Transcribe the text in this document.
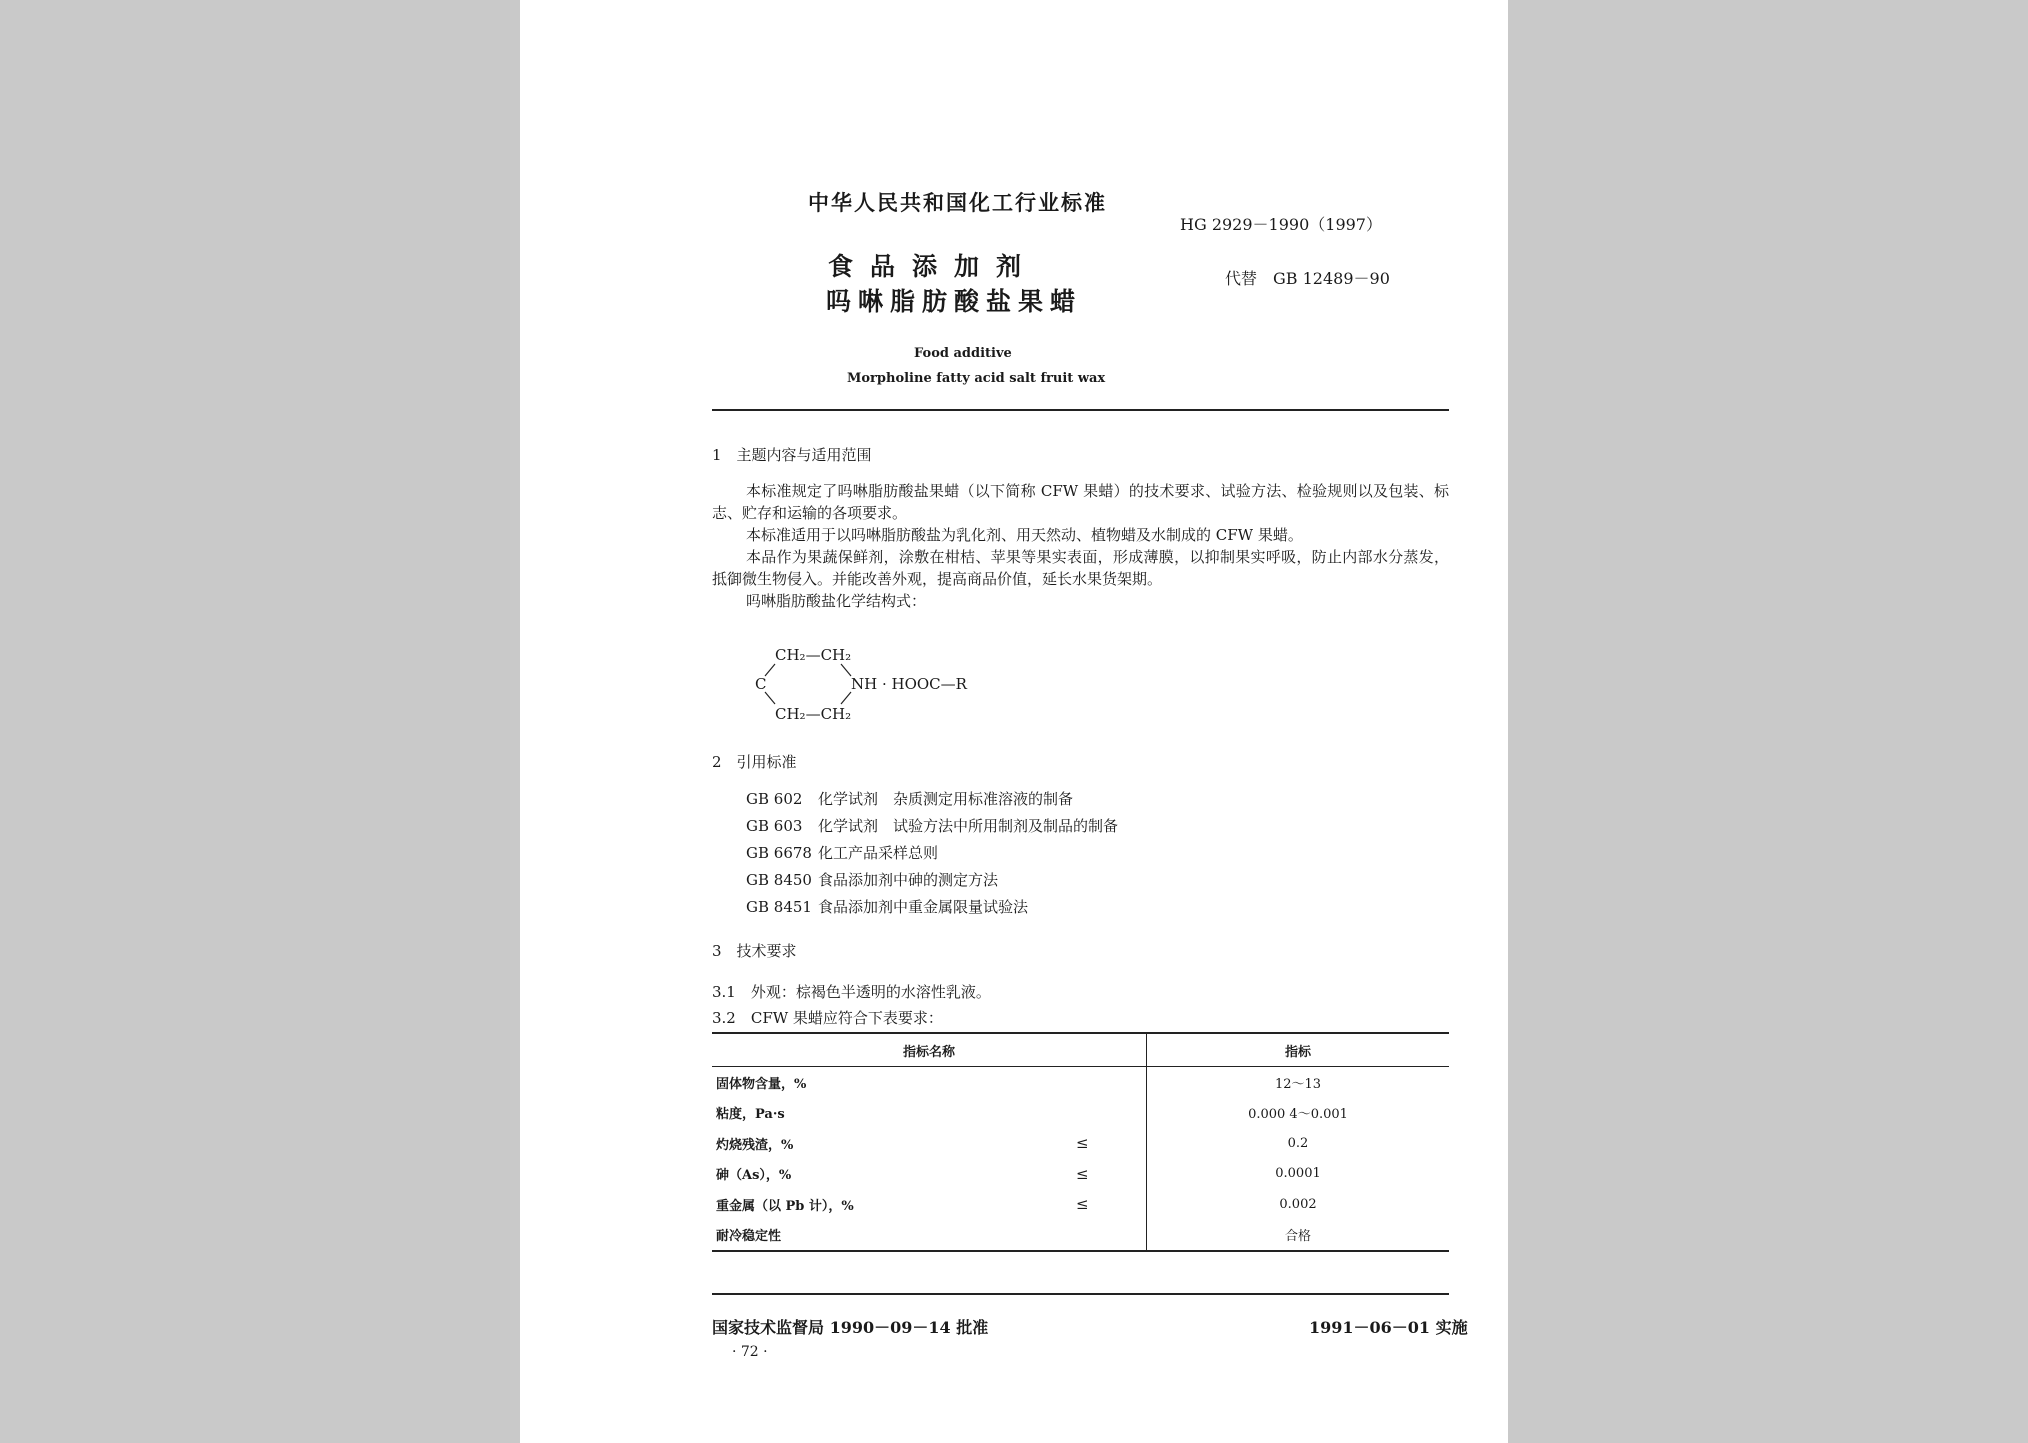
中华人民共和国化工行业标准
HG 2929－1990（1997）
食品添加剂
吗啉脂肪酸盐果蜡
代替　GB 12489－90
Food additive
Morpholine fatty acid salt fruit wax
1　主题内容与适用范围

本标准规定了吗啉脂肪酸盐果蜡（以下简称 CFW 果蜡）的技术要求、试验方法、检验规则以及包装、标志、贮存和运输的各项要求。

本标准适用于以吗啉脂肪酸盐为乳化剂、用天然动、植物蜡及水制成的 CFW 果蜡。

本品作为果蔬保鲜剂，涂敷在柑桔、苹果等果实表面，形成薄膜，以抑制果实呼吸，防止内部水分蒸发，抵御微生物侵入。并能改善外观，提高商品价值，延长水果货架期。

吗啉脂肪酸盐化学结构式：

CH₂—CH₂
C	NH · HOOC—R
CH₂—CH₂
2　引用标准
GB 602 化学试剂　杂质测定用标准溶液的制备
GB 603 化学试剂　试验方法中所用制剂及制品的制备
GB 6678 化工产品采样总则
GB 8450 食品添加剂中砷的测定方法
GB 8451 食品添加剂中重金属限量试验法
3　技术要求
3.1　外观：棕褐色半透明的水溶性乳液。
3.2　CFW 果蜡应符合下表要求：
指标名称	指标
固体物含量，%	12～13
粘度，Pa·s	0.000 4～0.001
灼烧残渣，% ≤	0.2
砷（As），% ≤	0.0001
重金属（以 Pb 计），% ≤	0.002
耐冷稳定性	合格
国家技术监督局 1990－09－14 批准	1991－06－01 实施
· 72 ·
